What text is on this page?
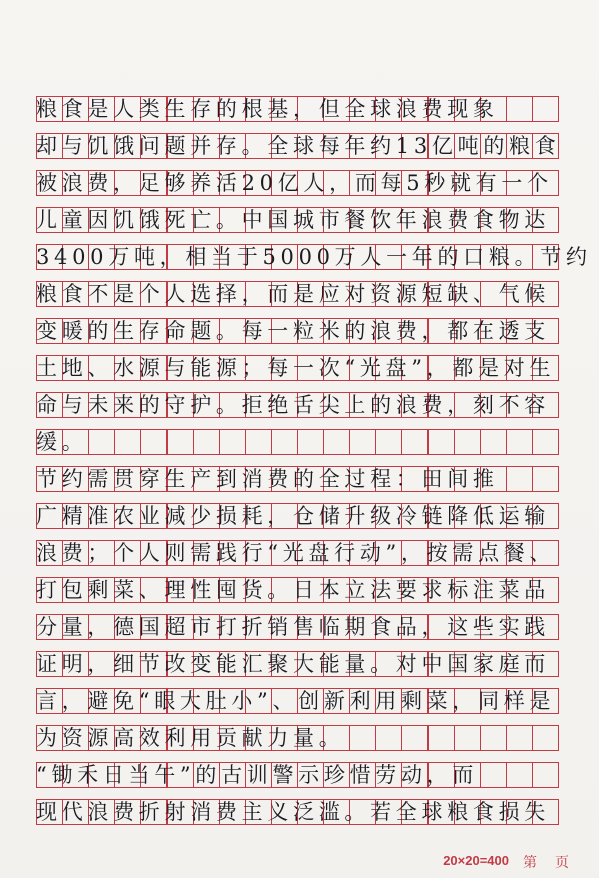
粮食是人类生存的根基，但全球浪费现象
却与饥饿问题并存。全球每年约13亿吨的粮食
被浪费，足够养活20亿人，而每5秒就有一个
儿童因饥饿死亡。中国城市餐饮年浪费食物达
3400万吨，相当于5000万人一年的口粮。节约
粮食不是个人选择，而是应对资源短缺、气候
变暖的生存命题。每一粒米的浪费，都在透支
土地、水源与能源；每一次“光盘”，都是对生
命与未来的守护。拒绝舌尖上的浪费，刻不容
缓。
节约需贯穿生产到消费的全过程：田间推
广精准农业减少损耗，仓储升级冷链降低运输
浪费；个人则需践行“光盘行动”，按需点餐、
打包剩菜、理性囤货。日本立法要求标注菜品
分量，德国超市打折销售临期食品，这些实践
证明，细节改变能汇聚大能量。对中国家庭而
言，避免“眼大肚小”、创新利用剩菜，同样是
为资源高效利用贡献力量。
“锄禾日当午”的古训警示珍惜劳动，而
现代浪费折射消费主义泛滥。若全球粮食损失
20×20=400 第 页
